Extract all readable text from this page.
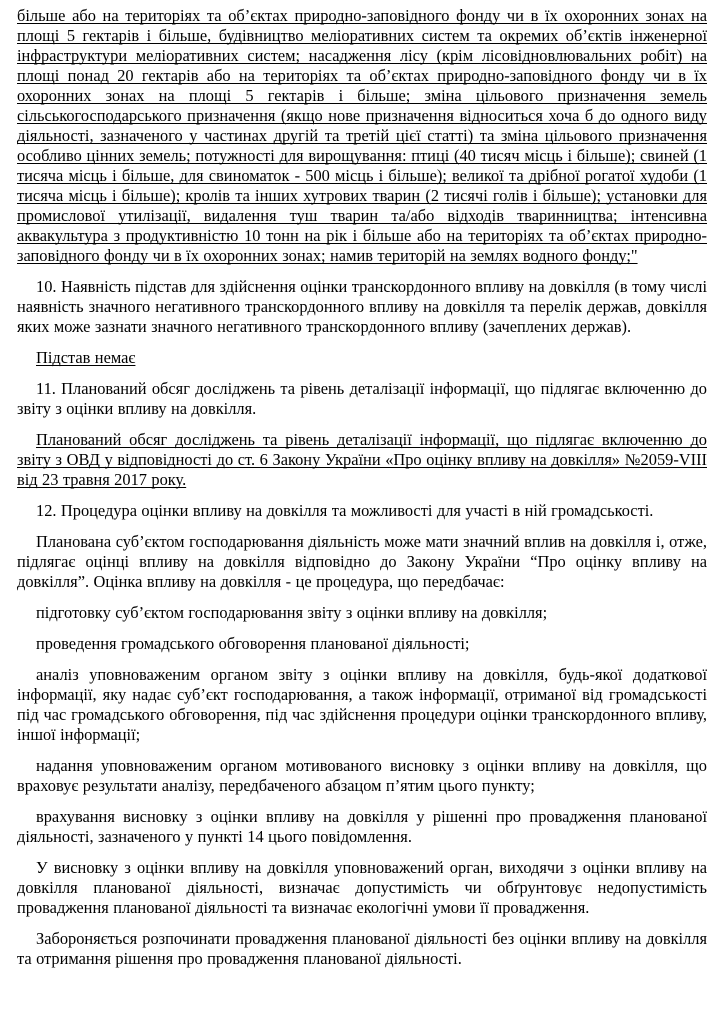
більше або на територіях та об’єктах природно-заповідного фонду чи в їх охоронних зонах на площі 5 гектарів і більше, будівництво меліоративних систем та окремих об’єктів інженерної інфраструктури меліоративних систем; насадження лісу (крім лісовідновлювальних робіт) на площі понад 20 гектарів або на територіях та об’єктах природно-заповідного фонду чи в їх охоронних зонах на площі 5 гектарів і більше; зміна цільового призначення земель сільськогосподарського призначення (якщо нове призначення відноситься хоча б до одного виду діяльності, зазначеного у частинах другій та третій цієї статті) та зміна цільового призначення особливо цінних земель; потужності для вирощування: птиці (40 тисяч місць і більше); свиней (1 тисяча місць і більше, для свиноматок - 500 місць і більше); великої та дрібної рогатої худоби (1 тисяча місць і більше); кролів та інших хутрових тварин (2 тисячі голів і більше); установки для промислової утилізації, видалення туш тварин та/або відходів тваринництва; інтенсивна аквакультура з продуктивністю 10 тонн на рік і більше або на територіях та об’єктах природно-заповідного фонду чи в їх охоронних зонах; намив територій на землях водного фонду;"

10. Наявність підстав для здійснення оцінки транскордонного впливу на довкілля (в тому числі наявність значного негативного транскордонного впливу на довкілля та перелік держав, довкілля яких може зазнати значного негативного транскордонного впливу (зачеплених держав).

Підстав немає

11. Планований обсяг досліджень та рівень деталізації інформації, що підлягає включенню до звіту з оцінки впливу на довкілля.

Планований обсяг досліджень та рівень деталізації інформації, що підлягає включенню до звіту з ОВД у відповідності до ст. 6 Закону України «Про оцінку впливу на довкілля» №2059-VIII від 23 травня 2017 року.

12. Процедура оцінки впливу на довкілля та можливості для участі в ній громадськості.

Планована суб’єктом господарювання діяльність може мати значний вплив на довкілля і, отже, підлягає оцінці впливу на довкілля відповідно до Закону України “Про оцінку впливу на довкілля”. Оцінка впливу на довкілля - це процедура, що передбачає:

підготовку суб’єктом господарювання звіту з оцінки впливу на довкілля;

проведення громадського обговорення планованої діяльності;

аналіз уповноваженим органом звіту з оцінки впливу на довкілля, будь-якої додаткової інформації, яку надає суб’єкт господарювання, а також інформації, отриманої від громадськості під час громадського обговорення, під час здійснення процедури оцінки транскордонного впливу, іншої інформації;

надання уповноваженим органом мотивованого висновку з оцінки впливу на довкілля, що враховує результати аналізу, передбаченого абзацом п’ятим цього пункту;

врахування висновку з оцінки впливу на довкілля у рішенні про провадження планованої діяльності, зазначеного у пункті 14 цього повідомлення.

У висновку з оцінки впливу на довкілля уповноважений орган, виходячи з оцінки впливу на довкілля планованої діяльності, визначає допустимість чи обґрунтовує недопустимість провадження планованої діяльності та визначає екологічні умови її провадження.

Забороняється розпочинати провадження планованої діяльності без оцінки впливу на довкілля та отримання рішення про провадження планованої діяльності.
